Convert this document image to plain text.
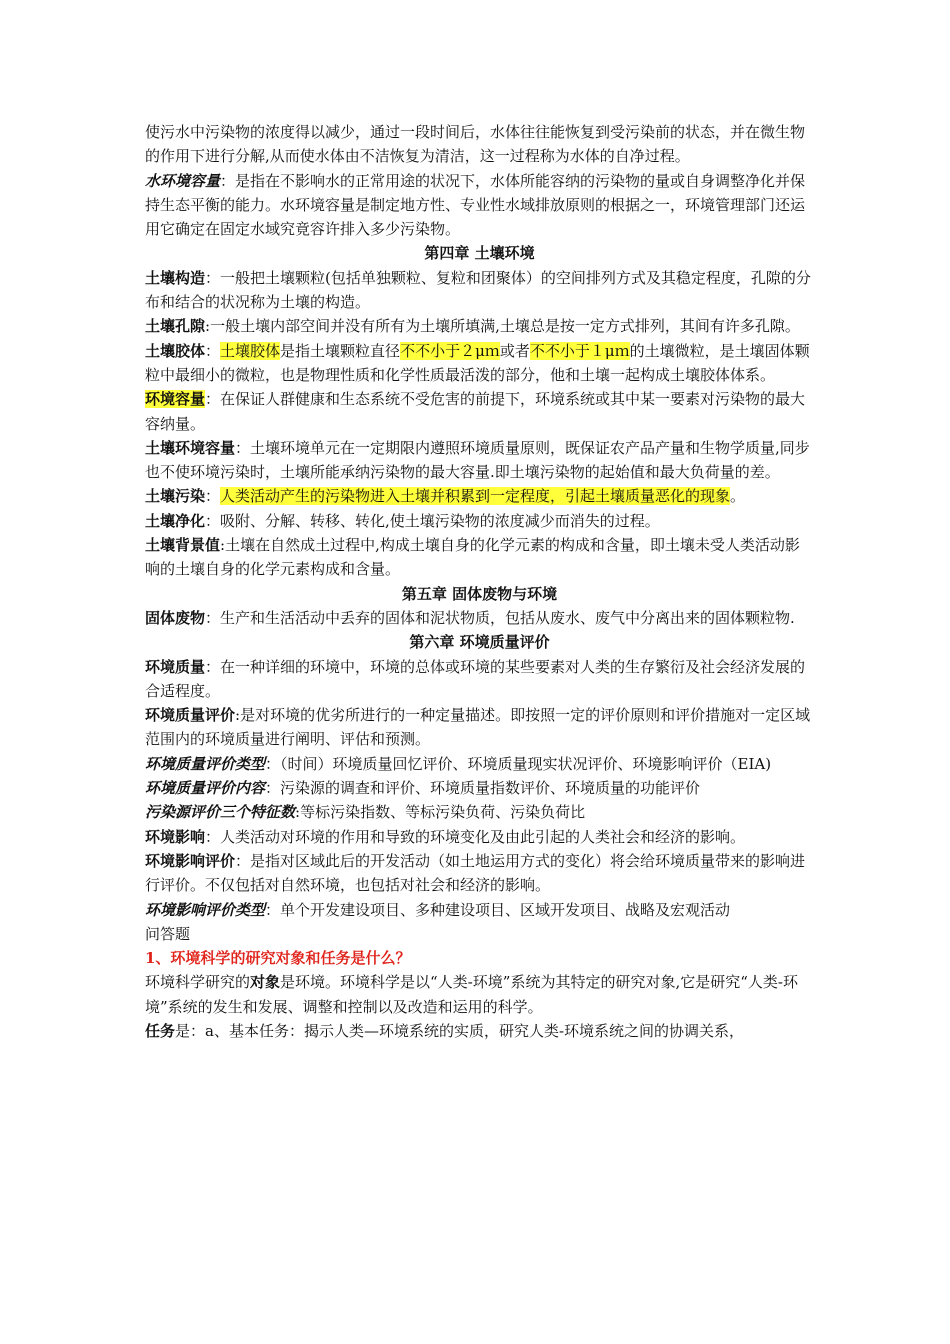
使污水中污染物的浓度得以减少，通过一段时间后，水体往往能恢复到受污染前的状态，并在微生物的作用下进行分解,从而使水体由不洁恢复为清洁，这一过程称为水体的自净过程。

水环境容量：是指在不影响水的正常用途的状况下，水体所能容纳的污染物的量或自身调整净化并保持生态平衡的能力。水环境容量是制定地方性、专业性水域排放原则的根据之一，环境管理部门还运用它确定在固定水域究竟容许排入多少污染物。

第四章 土壤环境

土壤构造：一般把土壤颗粒(包括单独颗粒、复粒和团聚体）的空间排列方式及其稳定程度，孔隙的分布和结合的状况称为土壤的构造。

土壤孔隙:一般土壤内部空间并没有所有为土壤所填满,土壤总是按一定方式排列，其间有许多孔隙。

土壤胶体：土壤胶体是指土壤颗粒直径不不小于２μｍ或者不不小于１μｍ的土壤微粒，是土壤固体颗粒中最细小的微粒，也是物理性质和化学性质最活泼的部分，他和土壤一起构成土壤胶体体系。

环境容量：在保证人群健康和生态系统不受危害的前提下，环境系统或其中某一要素对污染物的最大容纳量。

土壤环境容量：土壤环境单元在一定期限内遵照环境质量原则，既保证农产品产量和生物学质量,同步也不使环境污染时，土壤所能承纳污染物的最大容量.即土壤污染物的起始值和最大负荷量的差。

土壤污染：人类活动产生的污染物进入土壤并积累到一定程度，引起土壤质量恶化的现象。

土壤净化：吸附、分解、转移、转化,使土壤污染物的浓度减少而消失的过程。

土壤背景值:土壤在自然成土过程中,构成土壤自身的化学元素的构成和含量，即土壤未受人类活动影响的土壤自身的化学元素构成和含量。

第五章 固体废物与环境

固体废物：生产和生活活动中丢弃的固体和泥状物质，包括从废水、废气中分离出来的固体颗粒物.

第六章 环境质量评价

环境质量：在一种详细的环境中，环境的总体或环境的某些要素对人类的生存繁衍及社会经济发展的合适程度。

环境质量评价:是对环境的优劣所进行的一种定量描述。即按照一定的评价原则和评价措施对一定区域范围内的环境质量进行阐明、评估和预测。

环境质量评价类型：（时间）环境质量回忆评价、环境质量现实状况评价、环境影响评价（EIA)

环境质量评价内容：污染源的调查和评价、环境质量指数评价、环境质量的功能评价

污染源评价三个特征数:等标污染指数、等标污染负荷、污染负荷比

环境影响：人类活动对环境的作用和导致的环境变化及由此引起的人类社会和经济的影响。

环境影响评价：是指对区域此后的开发活动（如土地运用方式的变化）将会给环境质量带来的影响进行评价。不仅包括对自然环境，也包括对社会和经济的影响。

环境影响评价类型：单个开发建设项目、多种建设项目、区域开发项目、战略及宏观活动

问答题

1、环境科学的研究对象和任务是什么？

环境科学研究的对象是环境。环境科学是以“人类-环境”系统为其特定的研究对象,它是研究“人类-环境”系统的发生和发展、调整和控制以及改造和运用的科学。

任务是：a、基本任务：揭示人类—环境系统的实质，研究人类-环境系统之间的协调关系，
